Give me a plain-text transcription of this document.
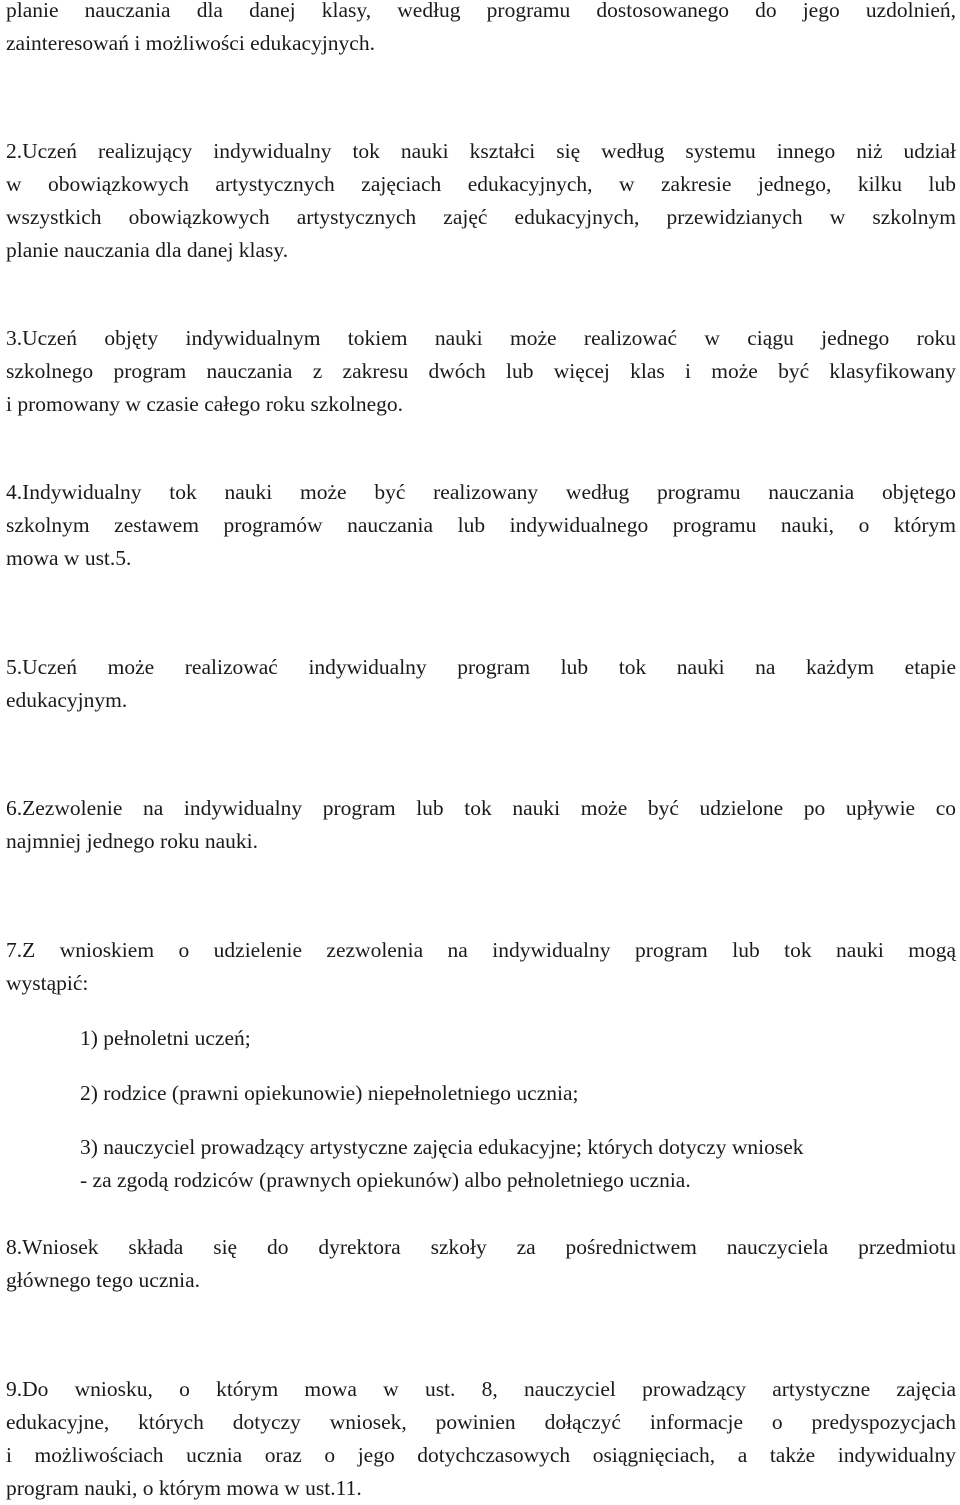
planie nauczania dla danej klasy, według programu dostosowanego do jego uzdolnień,
zainteresowań i możliwości edukacyjnych.
2.Uczeń realizujący indywidualny tok nauki kształci się według systemu innego niż udział
w obowiązkowych artystycznych zajęciach edukacyjnych, w zakresie jednego, kilku lub
wszystkich obowiązkowych artystycznych zajęć edukacyjnych, przewidzianych w szkolnym
planie nauczania dla danej klasy.
3.Uczeń objęty indywidualnym tokiem nauki może realizować w ciągu jednego roku
szkolnego program nauczania z zakresu dwóch lub więcej klas i może być klasyfikowany
i promowany w czasie całego roku szkolnego.
4.Indywidualny tok nauki może być realizowany według programu nauczania objętego
szkolnym zestawem programów nauczania lub indywidualnego programu nauki, o którym
mowa w ust.5.
5.Uczeń może realizować indywidualny program lub tok nauki na każdym etapie
edukacyjnym.
6.Zezwolenie na indywidualny program lub tok nauki może być udzielone po upływie co
najmniej jednego roku nauki.
7.Z wnioskiem o udzielenie zezwolenia na indywidualny program lub tok nauki mogą
wystąpić:
1) pełnoletni uczeń;
2) rodzice (prawni opiekunowie) niepełnoletniego ucznia;
3) nauczyciel prowadzący artystyczne zajęcia edukacyjne; których dotyczy wniosek
- za zgodą rodziców (prawnych opiekunów) albo pełnoletniego ucznia.
8.Wniosek składa się do dyrektora szkoły za pośrednictwem nauczyciela przedmiotu
głównego tego ucznia.
9.Do wniosku, o którym mowa w ust. 8, nauczyciel prowadzący artystyczne zajęcia
edukacyjne, których dotyczy wniosek, powinien dołączyć informacje o predyspozycjach
i możliwościach ucznia oraz o jego dotychczasowych osiągnięciach, a także indywidualny
program nauki, o którym mowa w ust.11.
